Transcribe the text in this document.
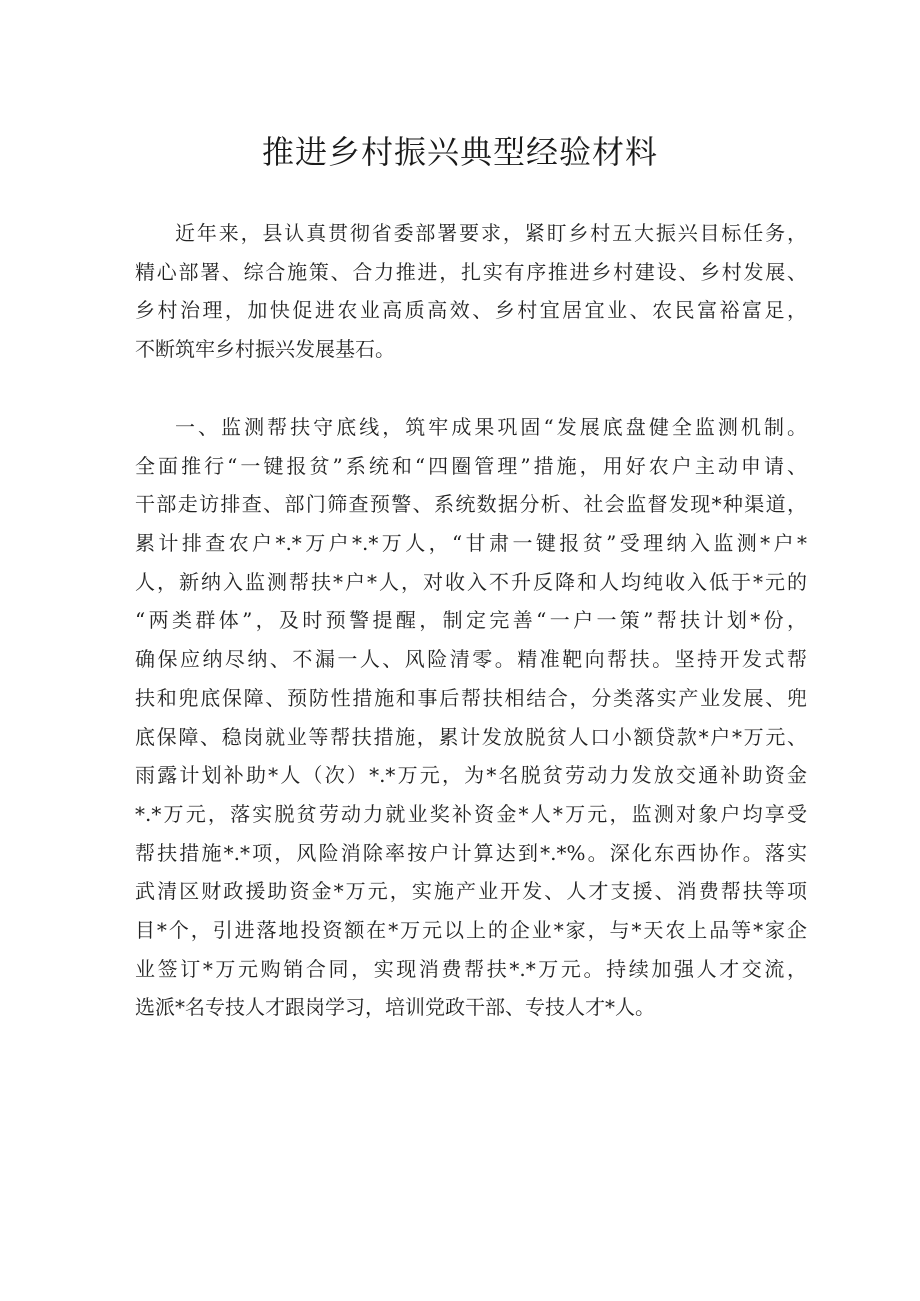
推进乡村振兴典型经验材料
近年来，县认真贯彻省委部署要求，紧盯乡村五大振兴目标任务，
精心部署、综合施策、合力推进，扎实有序推进乡村建设、乡村发展、
乡村治理，加快促进农业高质高效、乡村宜居宜业、农民富裕富足，
不断筑牢乡村振兴发展基石。
一、监测帮扶守底线，筑牢成果巩固“发展底盘健全监测机制。
全面推行“一键报贫”系统和“四圈管理”措施，用好农户主动申请、
干部走访排查、部门筛查预警、系统数据分析、社会监督发现*种渠道，
累计排查农户*.*万户*.*万人，“甘肃一键报贫”受理纳入监测*户*
人，新纳入监测帮扶*户*人，对收入不升反降和人均纯收入低于*元的
“两类群体”，及时预警提醒，制定完善“一户一策”帮扶计划*份，
确保应纳尽纳、不漏一人、风险清零。精准靶向帮扶。坚持开发式帮
扶和兜底保障、预防性措施和事后帮扶相结合，分类落实产业发展、兜
底保障、稳岗就业等帮扶措施，累计发放脱贫人口小额贷款*户*万元、
雨露计划补助*人（次）*.*万元，为*名脱贫劳动力发放交通补助资金
*.*万元，落实脱贫劳动力就业奖补资金*人*万元，监测对象户均享受
帮扶措施*.*项，风险消除率按户计算达到*.*%。深化东西协作。落实
武清区财政援助资金*万元，实施产业开发、人才支援、消费帮扶等项
目*个，引进落地投资额在*万元以上的企业*家，与*天农上品等*家企
业签订*万元购销合同，实现消费帮扶*.*万元。持续加强人才交流，
选派*名专技人才跟岗学习，培训党政干部、专技人才*人。
